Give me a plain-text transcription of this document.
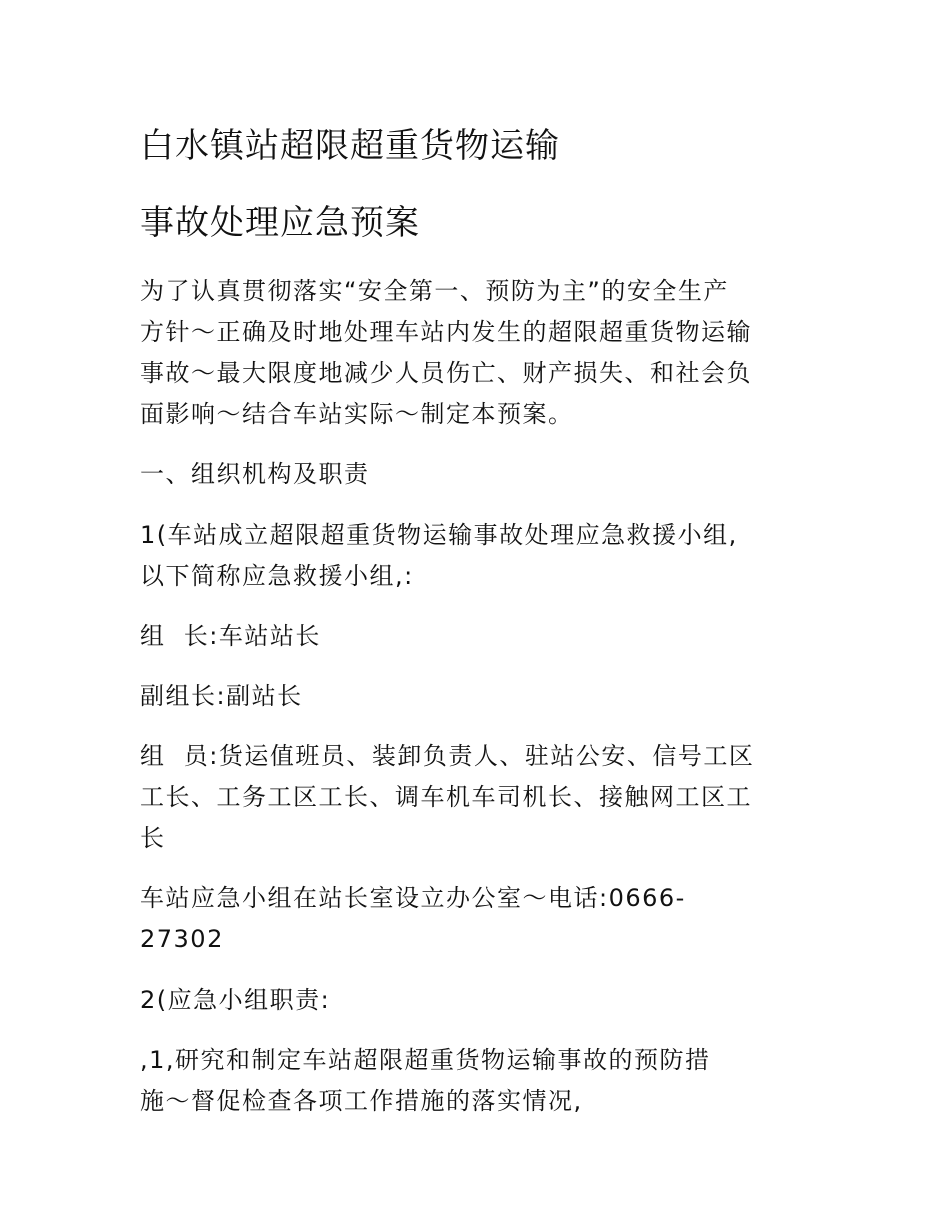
白水镇站超限超重货物运输
事故处理应急预案
为了认真贯彻落实“安全第一、预防为主”的安全生产
方针～正确及时地处理车站内发生的超限超重货物运输
事故～最大限度地减少人员伤亡、财产损失、和社会负
面影响～结合车站实际～制定本预案。
一、组织机构及职责
1(车站成立超限超重货物运输事故处理应急救援小组,
以下简称应急救援小组,:
组  长:车站站长
副组长:副站长
组  员:货运值班员、装卸负责人、驻站公安、信号工区
工长、工务工区工长、调车机车司机长、接触网工区工
长
车站应急小组在站长室设立办公室～电话:0666-
27302
2(应急小组职责:
,1,研究和制定车站超限超重货物运输事故的预防措
施～督促检查各项工作措施的落实情况,
